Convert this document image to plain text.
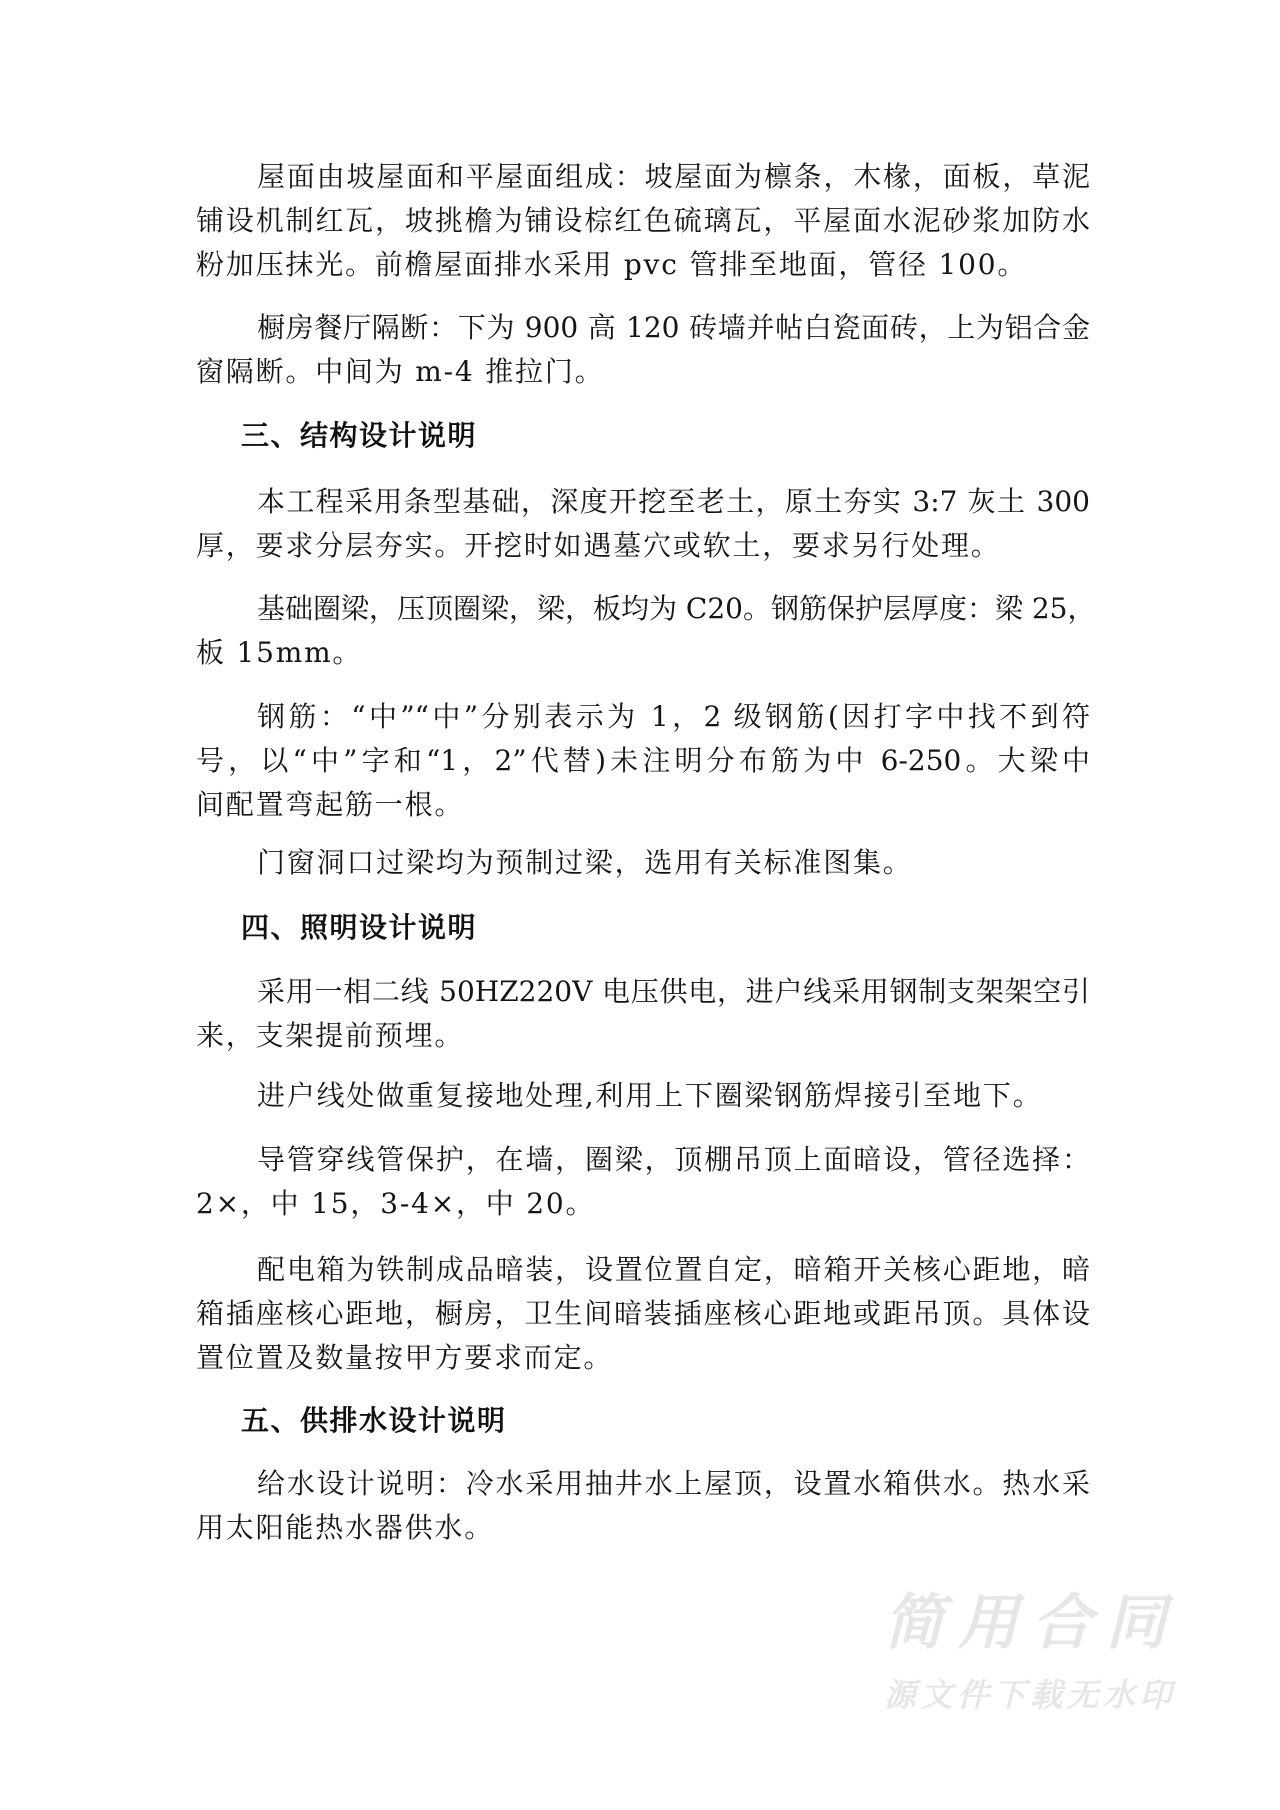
屋面由坡屋面和平屋面组成：坡屋面为檩条，木椽，面板，草泥
铺设机制红瓦，坡挑檐为铺设棕红色硫璃瓦，平屋面水泥砂浆加防水
粉加压抹光。前檐屋面排水采用 pvc 管排至地面，管径 100。
橱房餐厅隔断：下为 900 高 120 砖墙并帖白瓷面砖，上为铝合金
窗隔断。中间为 m-4 推拉门。
三、结构设计说明
本工程采用条型基础，深度开挖至老土，原土夯实 3:7 灰土 300
厚，要求分层夯实。开挖时如遇墓穴或软土，要求另行处理。
基础圈梁，压顶圈梁，梁，板均为 C20。钢筋保护层厚度：梁 25，
板 15mm。
钢筋：“中”“中”分别表示为 1，2 级钢筋(因打字中找不到符
号，以“中”字和“1，2”代替)未注明分布筋为中 6-250。大梁中
间配置弯起筋一根。
门窗洞口过梁均为预制过梁，选用有关标准图集。
四、照明设计说明
采用一相二线 50HZ220V 电压供电，进户线采用钢制支架架空引
来，支架提前预埋。
进户线处做重复接地处理,利用上下圈梁钢筋焊接引至地下。
导管穿线管保护，在墙，圈梁，顶棚吊顶上面暗设，管径选择：
2×，中 15，3-4×，中 20。
配电箱为铁制成品暗装，设置位置自定，暗箱开关核心距地，暗
箱插座核心距地，橱房，卫生间暗装插座核心距地或距吊顶。具体设
置位置及数量按甲方要求而定。
五、供排水设计说明
给水设计说明：冷水采用抽井水上屋顶，设置水箱供水。热水采
用太阳能热水器供水。
简用合同
源文件下载无水印
